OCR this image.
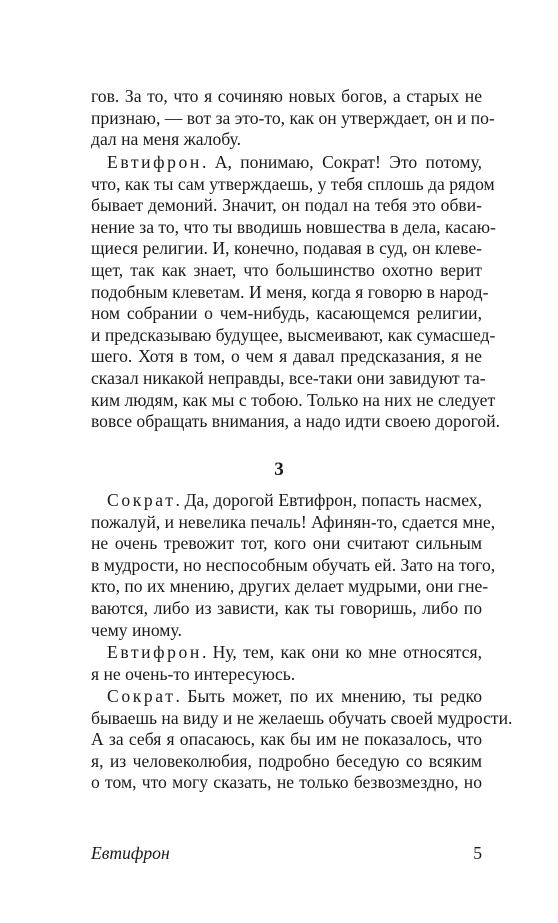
гов. За то, что я сочиняю новых богов, а старых не
признаю, — вот за это-то, как он утверждает, он и по-
дал на меня жалобу.
Евтифрон. А, понимаю, Сократ! Это потому,
что, как ты сам утверждаешь, у тебя сплошь да рядом
бывает демоний. Значит, он подал на тебя это обви-
нение за то, что ты вводишь новшества в дела, касаю-
щиеся религии. И, конечно, подавая в суд, он клеве-
щет, так как знает, что большинство охотно верит
подобным клеветам. И меня, когда я говорю в народ-
ном собрании о чем-нибудь, касающемся религии,
и предсказываю будущее, высмеивают, как сумасшед-
шего. Хотя в том, о чем я давал предсказания, я не
сказал никакой неправды, все-таки они завидуют та-
ким людям, как мы с тобою. Только на них не следует
вовсе обращать внимания, а надо идти своею дорогой.
3
Сократ. Да, дорогой Евтифрон, попасть насмех,
пожалуй, и невелика печаль! Афинян-то, сдается мне,
не очень тревожит тот, кого они считают сильным
в мудрости, но неспособным обучать ей. Зато на того,
кто, по их мнению, других делает мудрыми, они гне-
ваются, либо из зависти, как ты говоришь, либо по
чему иному.
Евтифрон. Ну, тем, как они ко мне относятся,
я не очень-то интересуюсь.
Сократ. Быть может, по их мнению, ты редко
бываешь на виду и не желаешь обучать своей мудрости.
А за себя я опасаюсь, как бы им не показалось, что
я, из человеколюбия, подробно беседую со всяким
о том, что могу сказать, не только безвозмездно, но
Евтифрон	5
